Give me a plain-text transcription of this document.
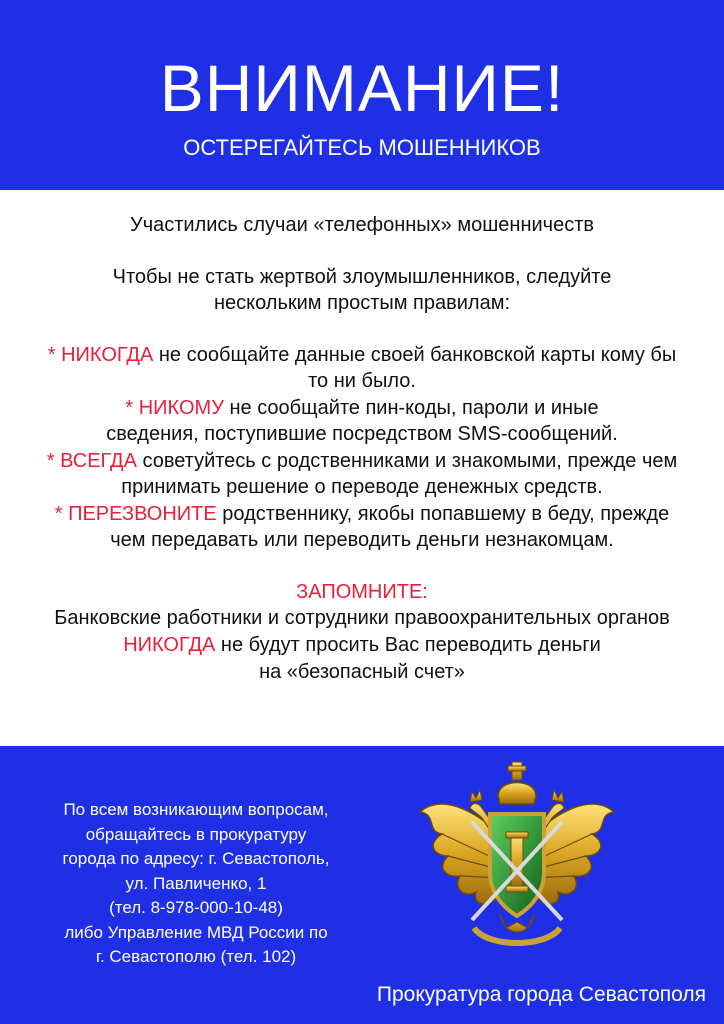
ВНИМАНИЕ!
ОСТЕРЕГАЙТЕСЬ МОШЕННИКОВ

Участились случаи «телефонных» мошенничеств

Чтобы не стать жертвой злоумышленников, следуйте

нескольким простым правилам:

* НИКОГДА не сообщайте данные своей банковской карты кому бы

то ни было.

* НИКОМУ не сообщайте пин-коды, пароли и иные

сведения, поступившие посредством SMS-сообщений.

* ВСЕГДА советуйтесь с родственниками и знакомыми, прежде чем

принимать решение о переводе денежных средств.

* ПЕРЕЗВОНИТЕ родственнику, якобы попавшему в беду, прежде

чем передавать или переводить деньги незнакомцам.

ЗАПОМНИТЕ:

Банковские работники и сотрудники правоохранительных органов

НИКОГДА не будут просить Вас переводить деньги

на «безопасный счет»

По всем возникающим вопросам,
обращайтесь в прокуратуру
города по адресу: г. Севастополь,
ул. Павличенко, 1
(тел. 8-978-000-10-48)
либо Управление МВД России по
г. Севастополю (тел. 102)
Прокуратура города Севастополя
